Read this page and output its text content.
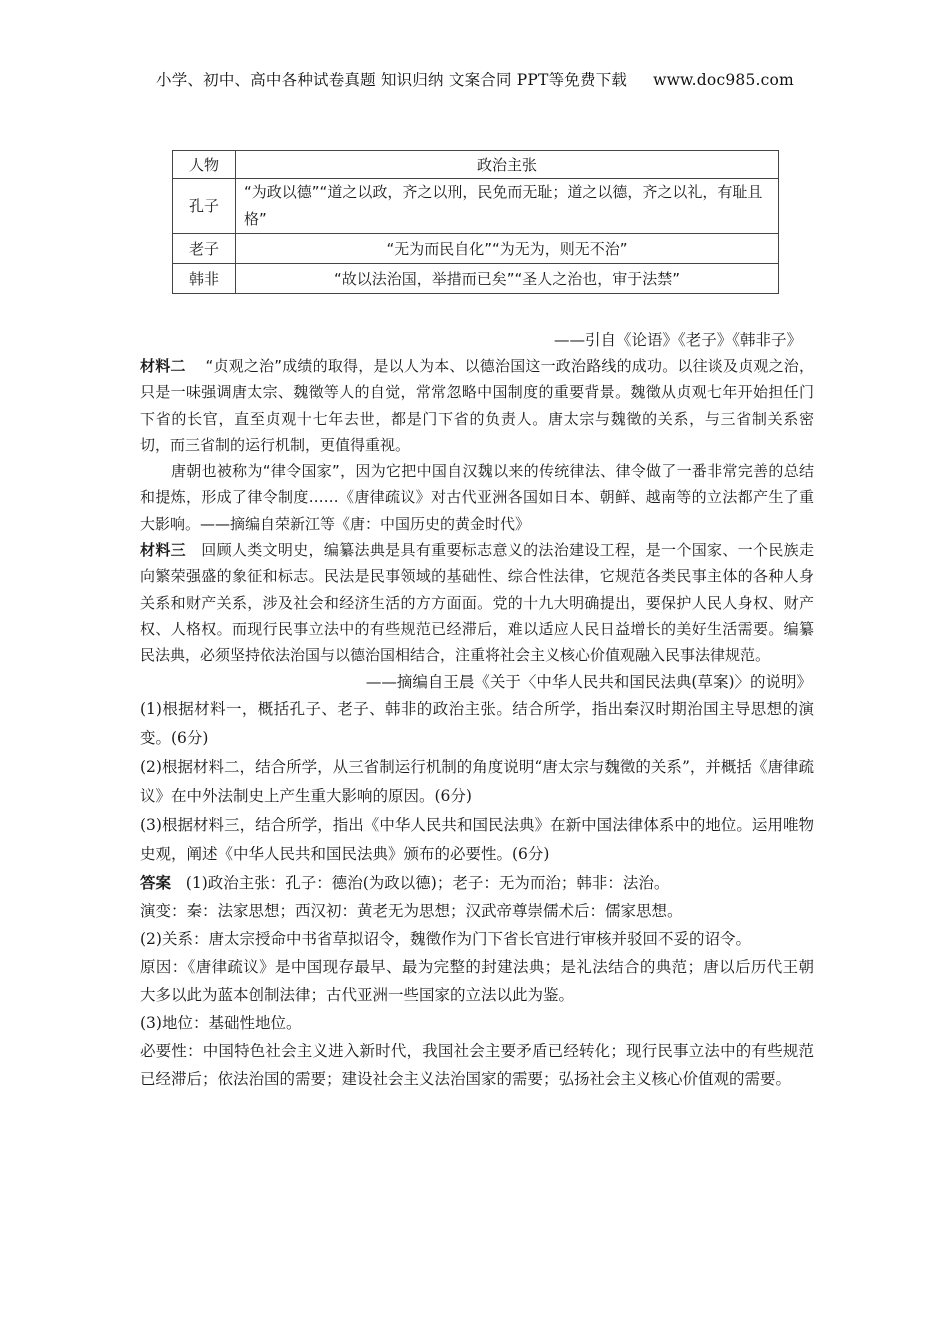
小学、初中、高中各种试卷真题 知识归纳 文案合同 PPT等免费下载 www.doc985.com
人物	政治主张
孔子	“为政以德”“道之以政，齐之以刑，民免而无耻；道之以德，齐之以礼，有耻且格”
老子	“无为而民自化”“为无为，则无不治”
韩非	“故以法治国，举措而已矣”“圣人之治也，审于法禁”
——引自《论语》《老子》《韩非子》

材料二 “贞观之治”成绩的取得，是以人为本、以德治国这一政治路线的成功。以往谈及贞观之治，只是一味强调唐太宗、魏徵等人的自觉，常常忽略中国制度的重要背景。魏徵从贞观七年开始担任门下省的长官，直至贞观十七年去世，都是门下省的负责人。唐太宗与魏徵的关系，与三省制关系密切，而三省制的运行机制，更值得重视。

唐朝也被称为“律令国家”，因为它把中国自汉魏以来的传统律法、律令做了一番非常完善的总结和提炼，形成了律令制度……《唐律疏议》对古代亚洲各国如日本、朝鲜、越南等的立法都产生了重大影响。——摘编自荣新江等《唐：中国历史的黄金时代》

材料三 回顾人类文明史，编纂法典是具有重要标志意义的法治建设工程，是一个国家、一个民族走向繁荣强盛的象征和标志。民法是民事领域的基础性、综合性法律，它规范各类民事主体的各种人身关系和财产关系，涉及社会和经济生活的方方面面。党的十九大明确提出，要保护人民人身权、财产权、人格权。而现行民事立法中的有些规范已经滞后，难以适应人民日益增长的美好生活需要。编纂民法典，必须坚持依法治国与以德治国相结合，注重将社会主义核心价值观融入民事法律规范。

——摘编自王晨《关于〈中华人民共和国民法典(草案)〉的说明》

(1)根据材料一，概括孔子、老子、韩非的政治主张。结合所学，指出秦汉时期治国主导思想的演变。(6分)

(2)根据材料二，结合所学，从三省制运行机制的角度说明“唐太宗与魏徵的关系”，并概括《唐律疏议》在中外法制史上产生重大影响的原因。(6分)

(3)根据材料三，结合所学，指出《中华人民共和国民法典》在新中国法律体系中的地位。运用唯物史观，阐述《中华人民共和国民法典》颁布的必要性。(6分)

答案 (1)政治主张：孔子：德治(为政以德)；老子：无为而治；韩非：法治。

演变：秦：法家思想；西汉初：黄老无为思想；汉武帝尊崇儒术后：儒家思想。

(2)关系：唐太宗授命中书省草拟诏令，魏徵作为门下省长官进行审核并驳回不妥的诏令。

原因：《唐律疏议》是中国现存最早、最为完整的封建法典；是礼法结合的典范；唐以后历代王朝大多以此为蓝本创制法律；古代亚洲一些国家的立法以此为鉴。

(3)地位：基础性地位。

必要性：中国特色社会主义进入新时代，我国社会主要矛盾已经转化；现行民事立法中的有些规范已经滞后；依法治国的需要；建设社会主义法治国家的需要；弘扬社会主义核心价值观的需要。
